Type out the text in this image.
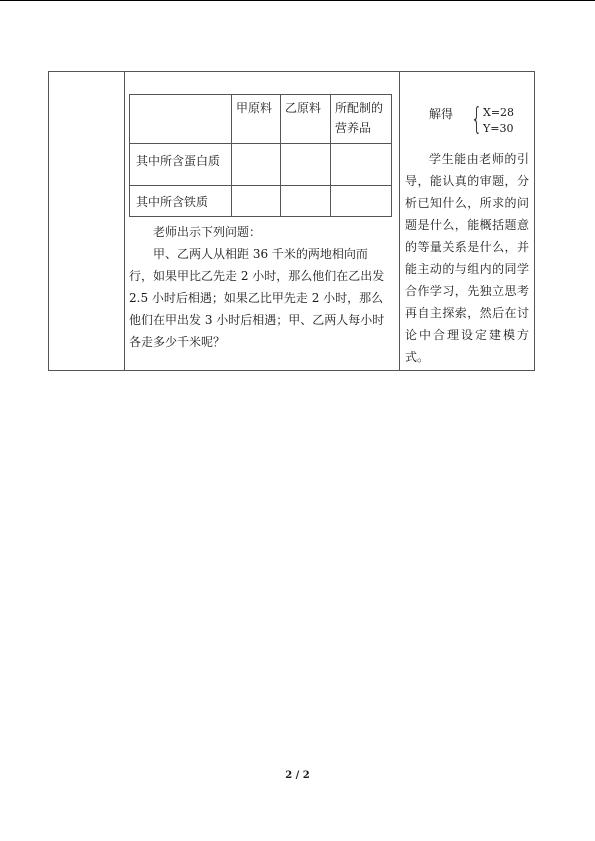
甲原料 乙原料 所配制的营养品
其中所含蛋白质
其中所含铁质

老师出示下列问题：

甲、乙两人从相距 36 千米的两地相向而行，如果甲比乙先走 2 小时，那么他们在乙出发 2.5 小时后相遇；如果乙比甲先走 2 小时，那么他们在甲出发 3 小时后相遇；甲、乙两人每小时各走多少千米呢？

解得 { X=28
Y=30
学生能由老师的引导，能认真的审题，分析已知什么，所求的问题是什么，能概括题意的等量关系是什么，并能主动的与组内的同学合作学习，先独立思考再自主探索，然后在讨论中合理设定建模方式。
2 / 2
